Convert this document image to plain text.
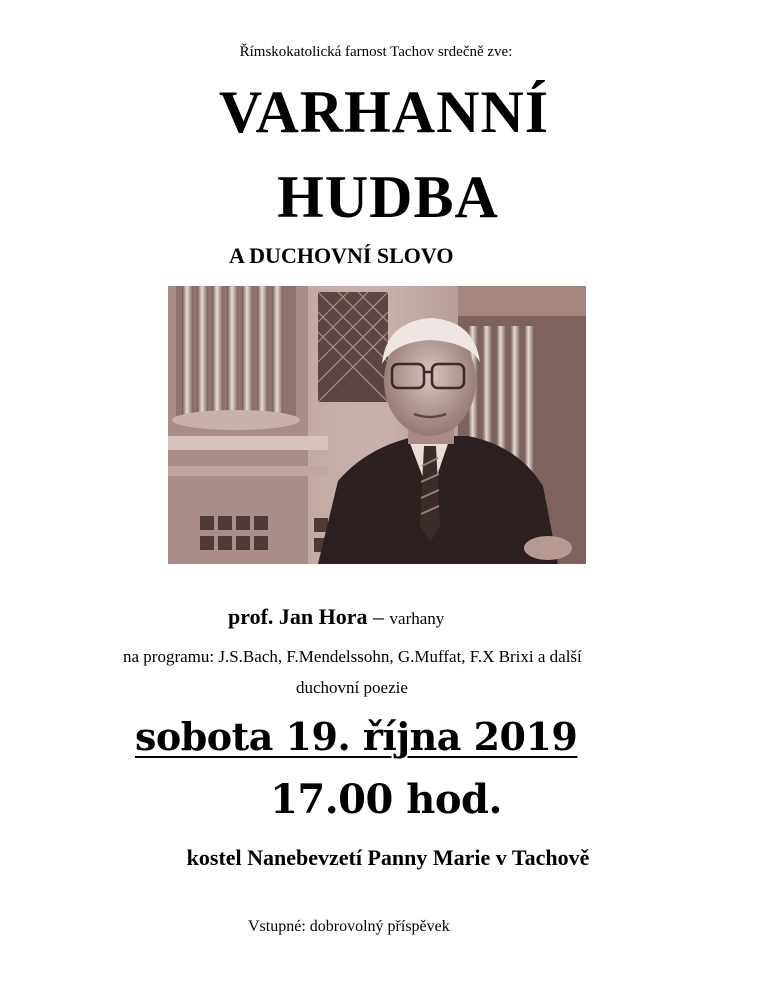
Římskokatolická farnost Tachov srdečně zve:
VARHANNÍ
HUDBA
A DUCHOVNÍ SLOVO
prof. Jan Hora – varhany
na programu: J.S.Bach, F.Mendelssohn, G.Muffat, F.X Brixi a další
duchovní poezie
sobota 19. října 2019
17.00 hod.
kostel Nanebevzetí Panny Marie v Tachově
Vstupné: dobrovolný příspěvek
